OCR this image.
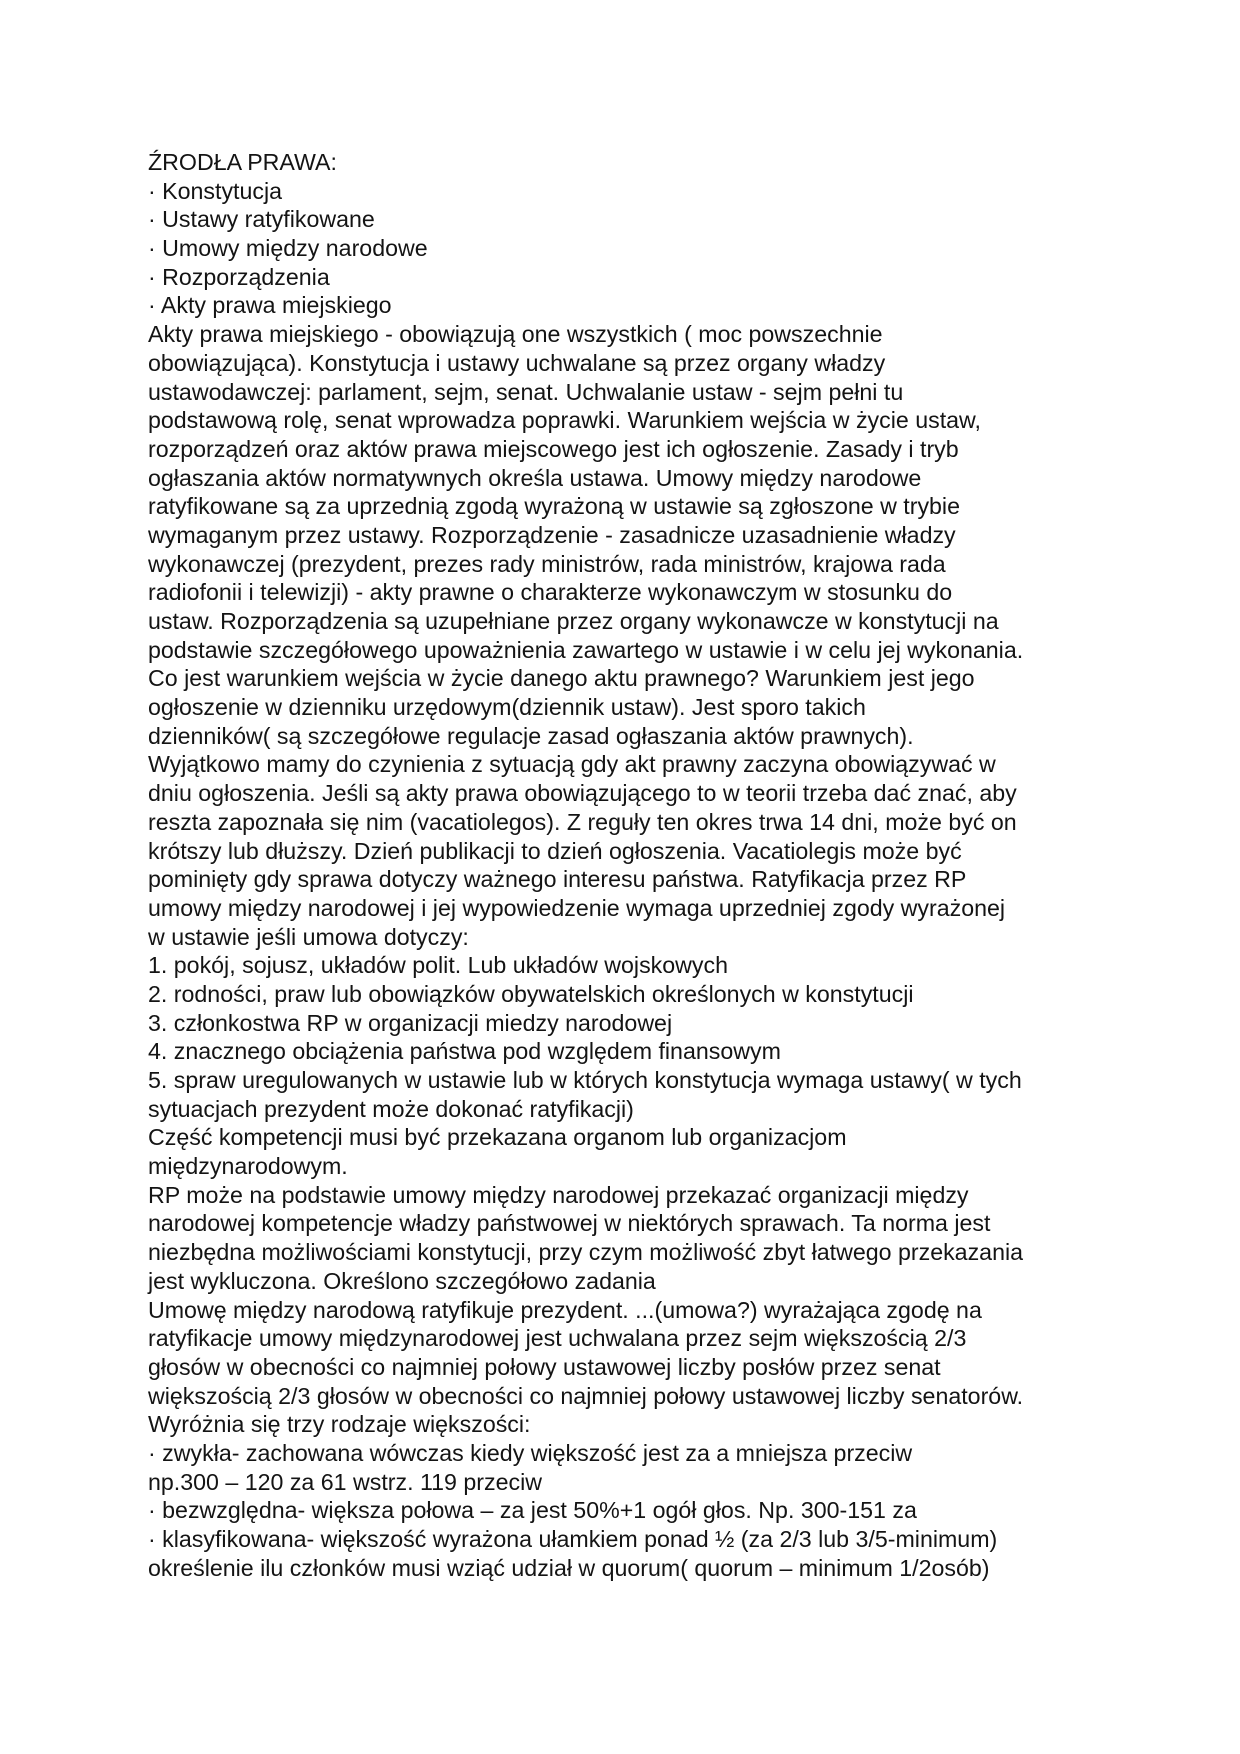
ŹRODŁA PRAWA:
· Konstytucja
· Ustawy ratyfikowane
· Umowy między narodowe
· Rozporządzenia
· Akty prawa miejskiego
Akty prawa miejskiego - obowiązują one wszystkich ( moc powszechnie
obowiązująca). Konstytucja i ustawy uchwalane są przez organy władzy
ustawodawczej: parlament, sejm, senat. Uchwalanie ustaw - sejm pełni tu
podstawową rolę, senat wprowadza poprawki. Warunkiem wejścia w życie ustaw,
rozporządzeń oraz aktów prawa miejscowego jest ich ogłoszenie. Zasady i tryb
ogłaszania aktów normatywnych określa ustawa. Umowy między narodowe
ratyfikowane są za uprzednią zgodą wyrażoną w ustawie są zgłoszone w trybie
wymaganym przez ustawy. Rozporządzenie - zasadnicze uzasadnienie władzy
wykonawczej (prezydent, prezes rady ministrów, rada ministrów, krajowa rada
radiofonii i telewizji) - akty prawne o charakterze wykonawczym w stosunku do
ustaw. Rozporządzenia są uzupełniane przez organy wykonawcze w konstytucji na
podstawie szczegółowego upoważnienia zawartego w ustawie i w celu jej wykonania.
Co jest warunkiem wejścia w życie danego aktu prawnego? Warunkiem jest jego
ogłoszenie w dzienniku urzędowym(dziennik ustaw). Jest sporo takich
dzienników( są szczegółowe regulacje zasad ogłaszania aktów prawnych).
Wyjątkowo mamy do czynienia z sytuacją gdy akt prawny zaczyna obowiązywać w
dniu ogłoszenia. Jeśli są akty prawa obowiązującego to w teorii trzeba dać znać, aby
reszta zapoznała się nim (vacatiolegos). Z reguły ten okres trwa 14 dni, może być on
krótszy lub dłuższy. Dzień publikacji to dzień ogłoszenia. Vacatiolegis może być
pominięty gdy sprawa dotyczy ważnego interesu państwa. Ratyfikacja przez RP
umowy między narodowej i jej wypowiedzenie wymaga uprzedniej zgody wyrażonej
w ustawie jeśli umowa dotyczy:
1. pokój, sojusz, układów polit. Lub układów wojskowych
2. rodności, praw lub obowiązków obywatelskich określonych w konstytucji
3. członkostwa RP w organizacji miedzy narodowej
4. znacznego obciążenia państwa pod względem finansowym
5. spraw uregulowanych w ustawie lub w których konstytucja wymaga ustawy( w tych
sytuacjach prezydent może dokonać ratyfikacji)
Część kompetencji musi być przekazana organom lub organizacjom
międzynarodowym.
RP może na podstawie umowy między narodowej przekazać organizacji między
narodowej kompetencje władzy państwowej w niektórych sprawach. Ta norma jest
niezbędna możliwościami konstytucji, przy czym możliwość zbyt łatwego przekazania
jest wykluczona. Określono szczegółowo zadania
Umowę między narodową ratyfikuje prezydent. ...(umowa?) wyrażająca zgodę na
ratyfikacje umowy międzynarodowej jest uchwalana przez sejm większością 2/3
głosów w obecności co najmniej połowy ustawowej liczby posłów przez senat
większością 2/3 głosów w obecności co najmniej połowy ustawowej liczby senatorów.
Wyróżnia się trzy rodzaje większości:
· zwykła- zachowana wówczas kiedy większość jest za a mniejsza przeciw
np.300 – 120 za 61 wstrz. 119 przeciw
· bezwzględna- większa połowa – za jest 50%+1 ogół głos. Np. 300-151 za
· klasyfikowana- większość wyrażona ułamkiem ponad ½ (za 2/3 lub 3/5-minimum)
określenie ilu członków musi wziąć udział w quorum( quorum – minimum 1/2osób)
